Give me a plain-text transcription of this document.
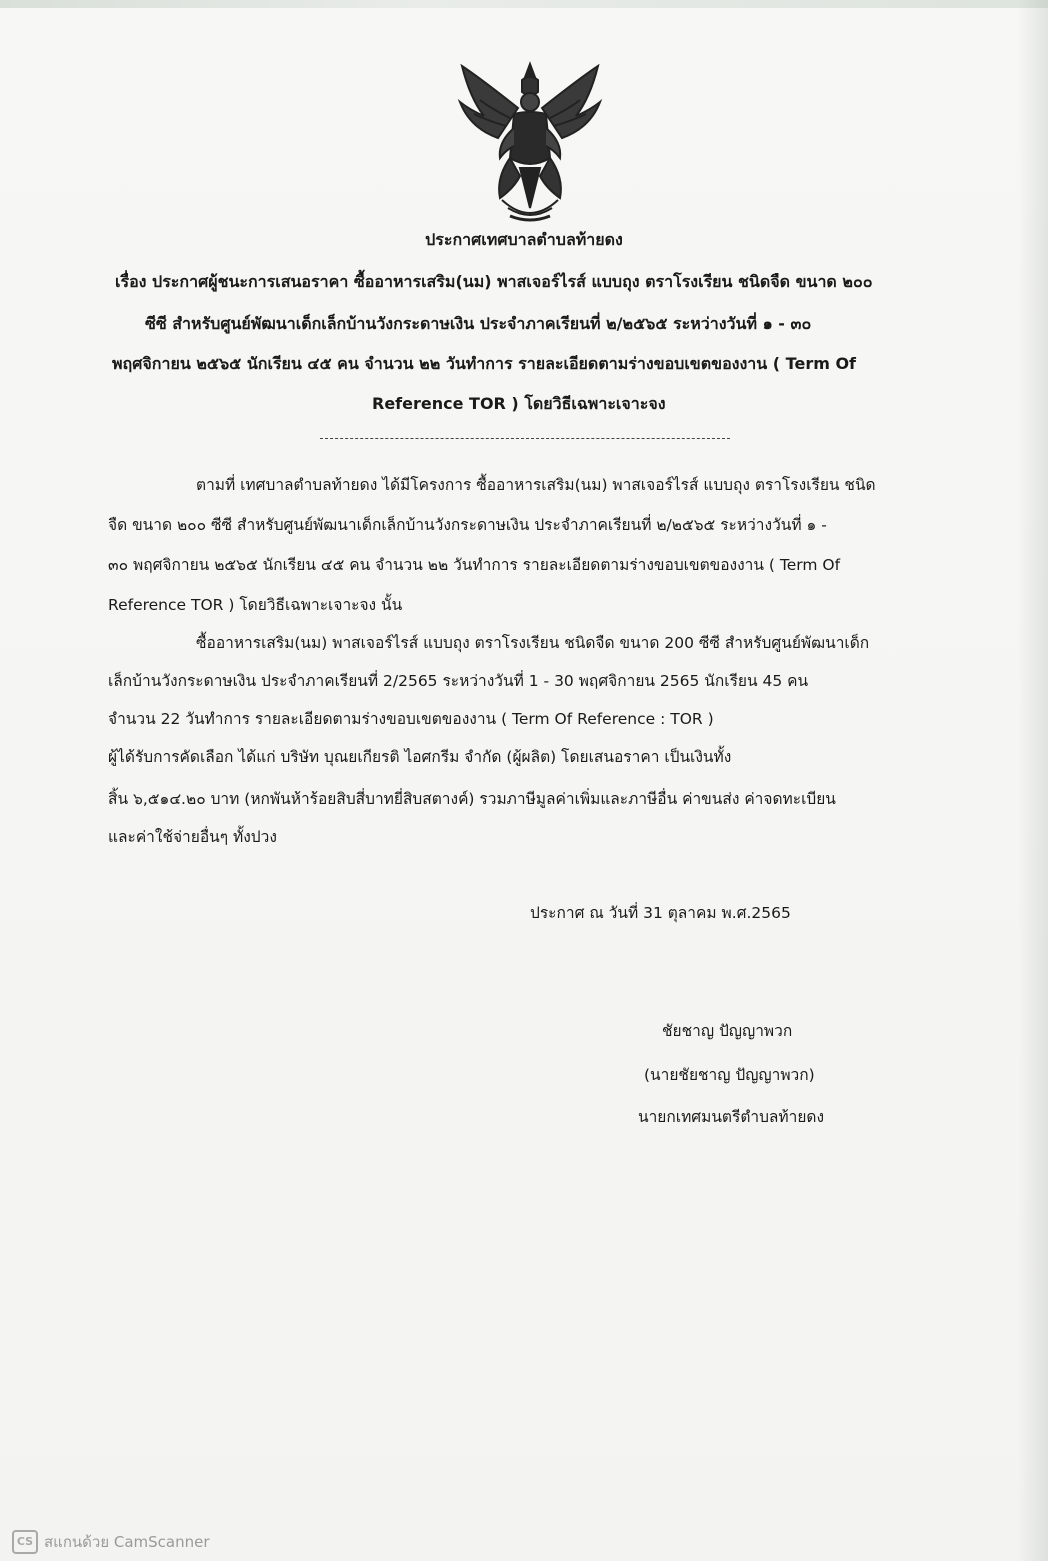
ประกาศเทศบาลตำบลท้ายดง
เรื่อง ประกาศผู้ชนะการเสนอราคา ซื้ออาหารเสริม(นม) พาสเจอร์ไรส์ แบบถุง ตราโรงเรียน ชนิดจืด ขนาด ๒๐๐
ซีซี สำหรับศูนย์พัฒนาเด็กเล็กบ้านวังกระดาษเงิน ประจำภาคเรียนที่ ๒/๒๕๖๕ ระหว่างวันที่ ๑ - ๓๐
พฤศจิกายน ๒๕๖๕ นักเรียน ๔๕ คน จำนวน ๒๒ วันทำการ รายละเอียดตามร่างขอบเขตของงาน ( Term Of
Reference TOR ) โดยวิธีเฉพาะเจาะจง
ตามที่ เทศบาลตำบลท้ายดง ได้มีโครงการ ซื้ออาหารเสริม(นม) พาสเจอร์ไรส์ แบบถุง ตราโรงเรียน ชนิด
จืด ขนาด ๒๐๐ ซีซี สำหรับศูนย์พัฒนาเด็กเล็กบ้านวังกระดาษเงิน ประจำภาคเรียนที่ ๒/๒๕๖๕ ระหว่างวันที่ ๑ -
๓๐ พฤศจิกายน ๒๕๖๕ นักเรียน ๔๕ คน จำนวน ๒๒ วันทำการ รายละเอียดตามร่างขอบเขตของงาน ( Term Of
Reference TOR ) โดยวิธีเฉพาะเจาะจง นั้น
ซื้ออาหารเสริม(นม) พาสเจอร์ไรส์ แบบถุง ตราโรงเรียน ชนิดจืด ขนาด 200 ซีซี สำหรับศูนย์พัฒนาเด็ก
เล็กบ้านวังกระดาษเงิน ประจำภาคเรียนที่ 2/2565 ระหว่างวันที่ 1 - 30 พฤศจิกายน 2565 นักเรียน 45 คน
จำนวน 22 วันทำการ รายละเอียดตามร่างขอบเขตของงาน ( Term Of Reference : TOR )
ผู้ได้รับการคัดเลือก ได้แก่ บริษัท บุณยเกียรติ ไอศกรีม จำกัด (ผู้ผลิต) โดยเสนอราคา เป็นเงินทั้ง
สิ้น ๖,๕๑๔.๒๐ บาท (หกพันห้าร้อยสิบสี่บาทยี่สิบสตางค์) รวมภาษีมูลค่าเพิ่มและภาษีอื่น ค่าขนส่ง ค่าจดทะเบียน
และค่าใช้จ่ายอื่นๆ ทั้งปวง
ประกาศ ณ วันที่ 31 ตุลาคม พ.ศ.2565
ชัยชาญ ปัญญาพวก
(นายชัยชาญ ปัญญาพวก)
นายกเทศมนตรีตำบลท้ายดง
CS สแกนด้วย CamScanner
